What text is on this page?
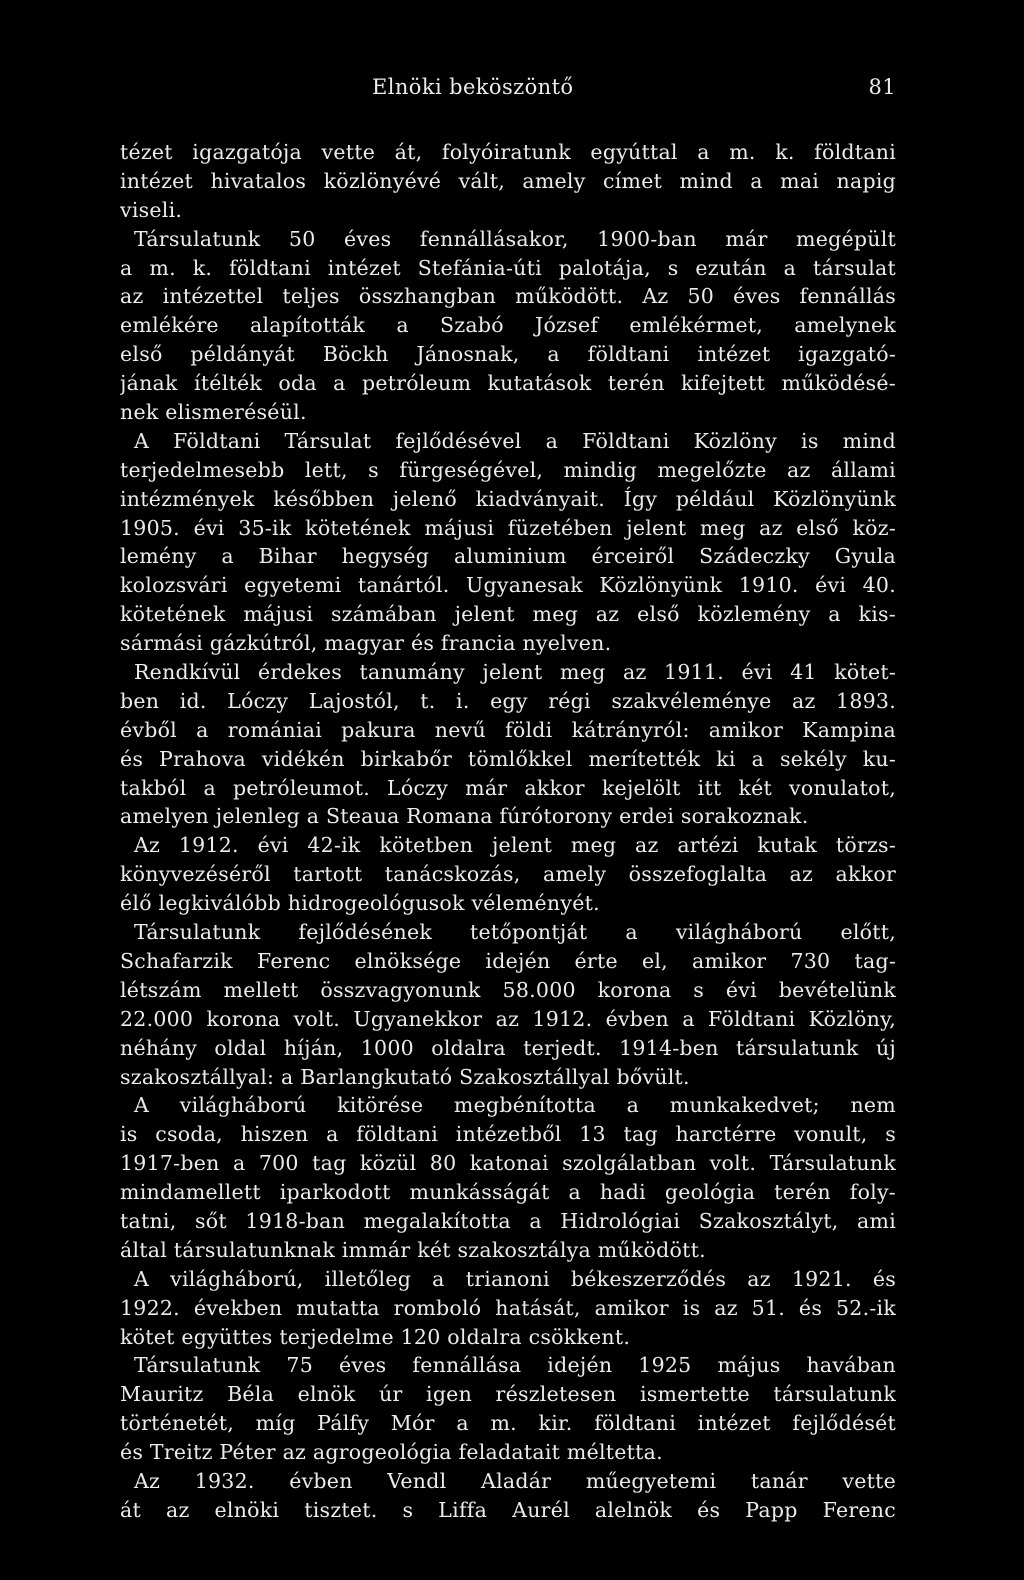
Elnöki beköszöntő	81
tézet igazgatója vette át, folyóiratunk egyúttal a m. k. földtani
intézet hivatalos közlönyévé vált, amely címet mind a mai napig
viseli.
Társulatunk 50 éves fennállásakor, 1900-ban már megépült
a m. k. földtani intézet Stefánia-úti palotája, s ezután a társulat
az intézettel teljes összhangban működött. Az 50 éves fennállás
emlékére alapították a Szabó József emlékérmet, amelynek
első példányát Böckh Jánosnak, a földtani intézet igazgató-
jának ítélték oda a petróleum kutatások terén kifejtett működésé-
nek elismeréséül.
A Földtani Társulat fejlődésével a Földtani Közlöny is mind
terjedelmesebb lett, s fürgeségével, mindig megelőzte az állami
intézmények későbben jelenő kiadványait. Így például Közlönyünk
1905. évi 35-ik kötetének májusi füzetében jelent meg az első köz-
lemény a Bihar hegység aluminium érceiről Szádeczky Gyula
kolozsvári egyetemi tanártól. Ugyanesak Közlönyünk 1910. évi 40.
kötetének májusi számában jelent meg az első közlemény a kis-
sármási gázkútról, magyar és francia nyelven.
Rendkívül érdekes tanumány jelent meg az 1911. évi 41 kötet-
ben id. Lóczy Lajostól, t. i. egy régi szakvéleménye az 1893.
évből a romániai pakura nevű földi kátrányról: amikor Kampina
és Prahova vidékén birkabőr tömlőkkel merítették ki a sekély ku-
takból a petróleumot. Lóczy már akkor kejelölt itt két vonulatot,
amelyen jelenleg a Steaua Romana fúrótorony erdei sorakoznak.
Az 1912. évi 42-ik kötetben jelent meg az artézi kutak törzs-
könyvezéséről tartott tanácskozás, amely összefoglalta az akkor
élő legkiválóbb hidrogeológusok véleményét.
Társulatunk fejlődésének tetőpontját a világháború előtt,
Schafarzik Ferenc elnöksége idején érte el, amikor 730 tag-
létszám mellett összvagyonunk 58.000 korona s évi bevételünk
22.000 korona volt. Ugyanekkor az 1912. évben a Földtani Közlöny,
néhány oldal híján, 1000 oldalra terjedt. 1914-ben társulatunk új
szakosztállyal: a Barlangkutató Szakosztállyal bővült.
A világháború kitörése megbénította a munkakedvet; nem
is csoda, hiszen a földtani intézetből 13 tag harctérre vonult, s
1917-ben a 700 tag közül 80 katonai szolgálatban volt. Társulatunk
mindamellett iparkodott munkásságát a hadi geológia terén foly-
tatni, sőt 1918-ban megalakította a Hidrológiai Szakosztályt, ami
által társulatunknak immár két szakosztálya működött.
A világháború, illetőleg a trianoni békeszerződés az 1921. és
1922. években mutatta romboló hatását, amikor is az 51. és 52.-ik
kötet együttes terjedelme 120 oldalra csökkent.
Társulatunk 75 éves fennállása idején 1925 május havában
Mauritz Béla elnök úr igen részletesen ismertette társulatunk
történetét, míg Pálfy Mór a m. kir. földtani intézet fejlődését
és Treitz Péter az agrogeológia feladatait méltetta.
Az 1932. évben Vendl Aladár műegyetemi tanár vette
át az elnöki tisztet. s Liffa Aurél alelnök és Papp Ferenc
